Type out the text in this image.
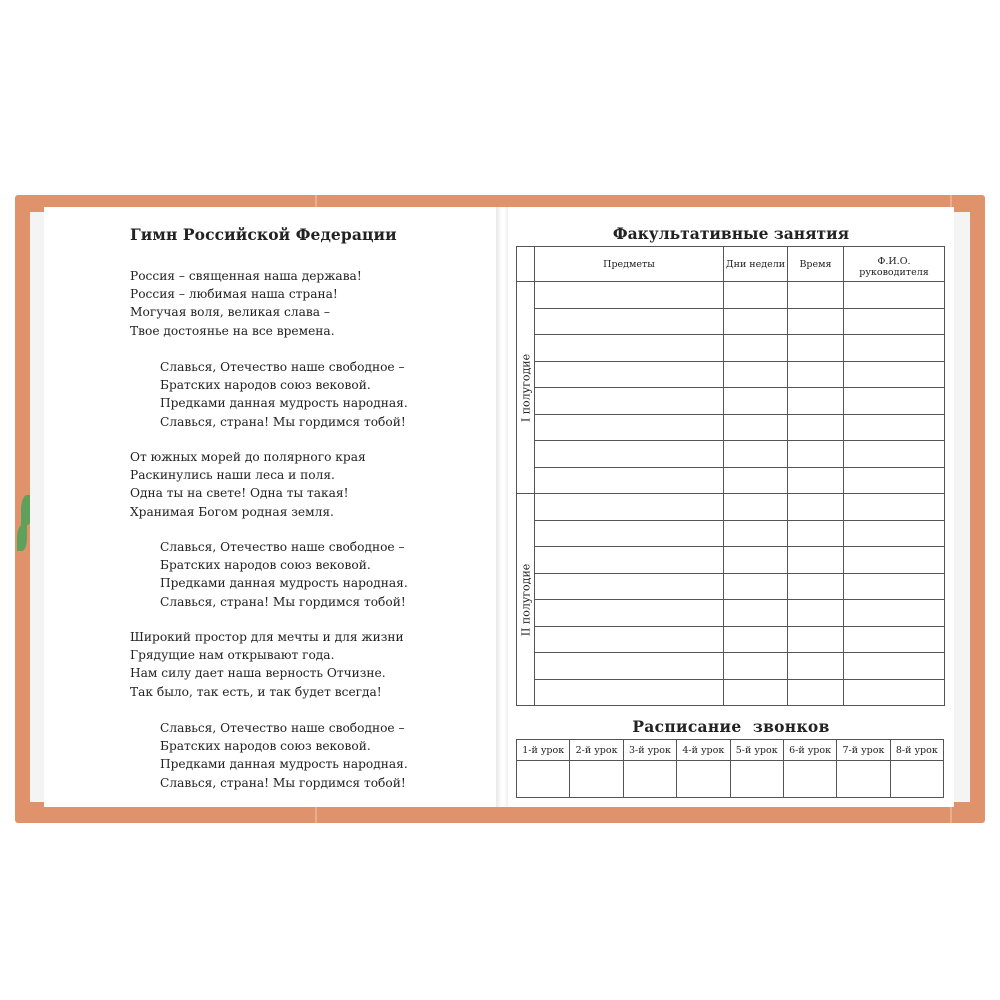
Гимн Российской Федерации
Россия – священная наша держава!
Россия – любимая наша страна!
Могучая воля, великая слава –
Твое достоянье на все времена.
Славься, Отечество наше свободное –
Братских народов союз вековой.
Предками данная мудрость народная.
Славься, страна! Мы гордимся тобой!
От южных морей до полярного края
Раскинулись наши леса и поля.
Одна ты на свете! Одна ты такая!
Хранимая Богом родная земля.
Славься, Отечество наше свободное –
Братских народов союз вековой.
Предками данная мудрость народная.
Славься, страна! Мы гордимся тобой!
Широкий простор для мечты и для жизни
Грядущие нам открывают года.
Нам силу дает наша верность Отчизне.
Так было, так есть, и так будет всегда!
Славься, Отечество наше свободное –
Братских народов союз вековой.
Предками данная мудрость народная.
Славься, страна! Мы гордимся тобой!
Факультативные занятия
	Предметы	Дни недели	Время	Ф.И.О.
руководителя

I полугодие				

II полугодие				

Расписание  звонков
1-й урок	2-й урок	3-й урок	4-й урок	5-й урок	6-й урок	7-й урок	8-й урок
